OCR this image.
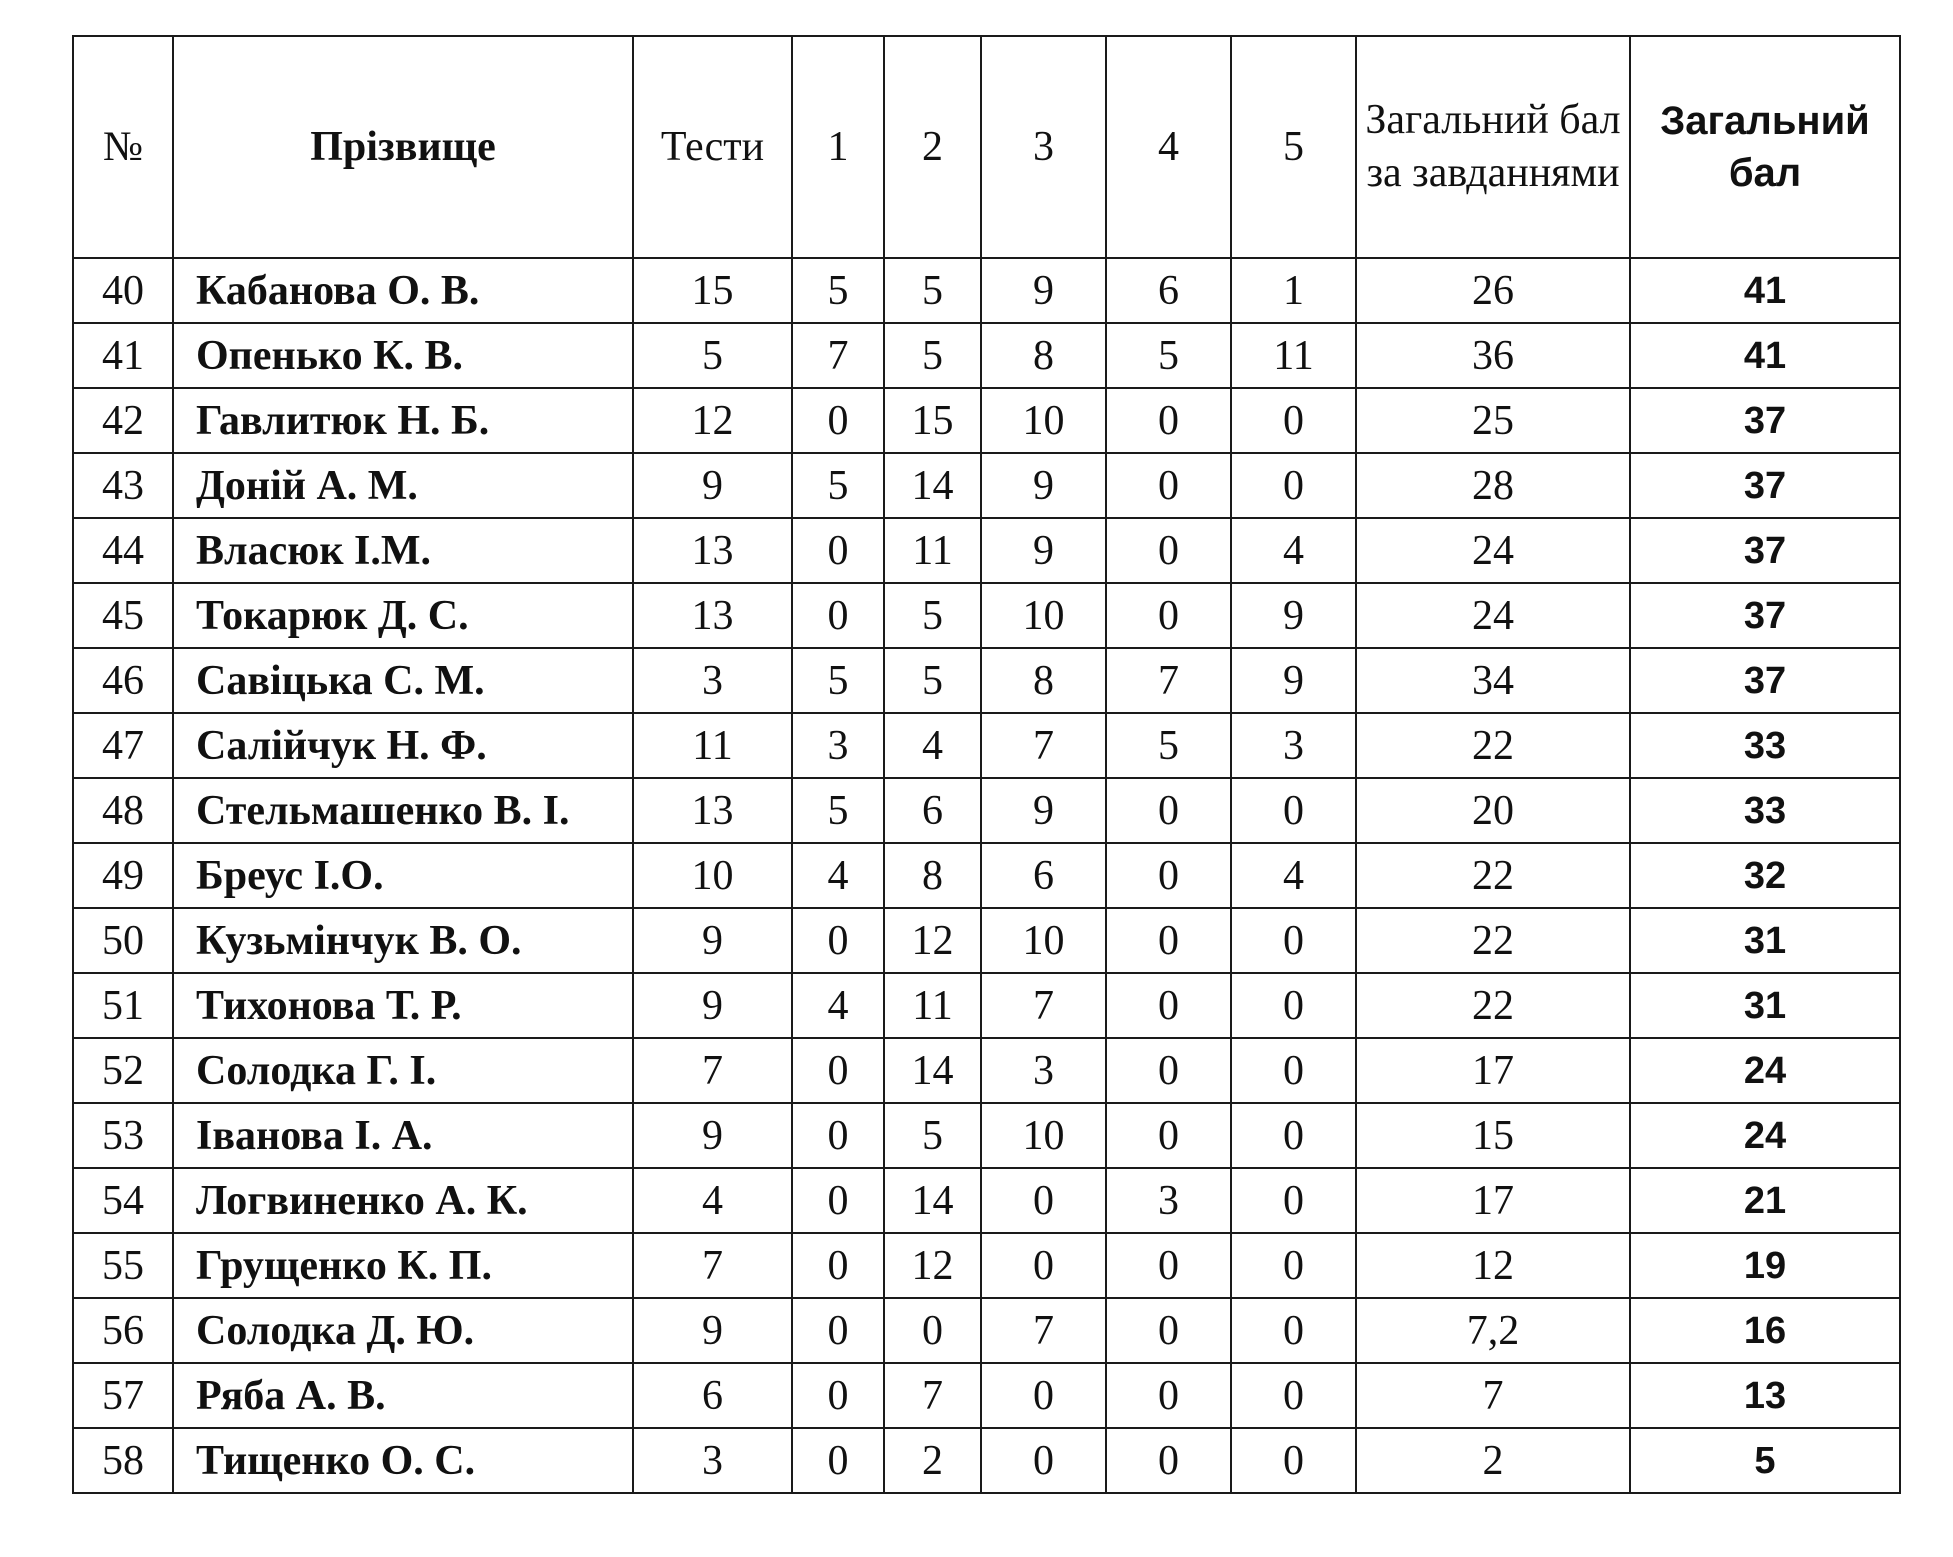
№	Прізвище	Тести	1	2	3	4	5	Загальний бал за завданнями	Загальний бал
40	Кабанова О. В.	15	5	5	9	6	1	26	41
41	Опенько К. В.	5	7	5	8	5	11	36	41
42	Гавлитюк Н. Б.	12	0	15	10	0	0	25	37
43	Доній А. М.	9	5	14	9	0	0	28	37
44	Власюк І.М.	13	0	11	9	0	4	24	37
45	Токарюк Д. С.	13	0	5	10	0	9	24	37
46	Савіцька С. М.	3	5	5	8	7	9	34	37
47	Салійчук Н. Ф.	11	3	4	7	5	3	22	33
48	Стельмашенко В. І.	13	5	6	9	0	0	20	33
49	Бреус І.О.	10	4	8	6	0	4	22	32
50	Кузьмінчук В. О.	9	0	12	10	0	0	22	31
51	Тихонова Т. Р.	9	4	11	7	0	0	22	31
52	Солодка Г. І.	7	0	14	3	0	0	17	24
53	Іванова І. А.	9	0	5	10	0	0	15	24
54	Логвиненко А. К.	4	0	14	0	3	0	17	21
55	Грущенко К. П.	7	0	12	0	0	0	12	19
56	Солодка Д. Ю.	9	0	0	7	0	0	7,2	16
57	Ряба А. В.	6	0	7	0	0	0	7	13
58	Тищенко О. С.	3	0	2	0	0	0	2	5
